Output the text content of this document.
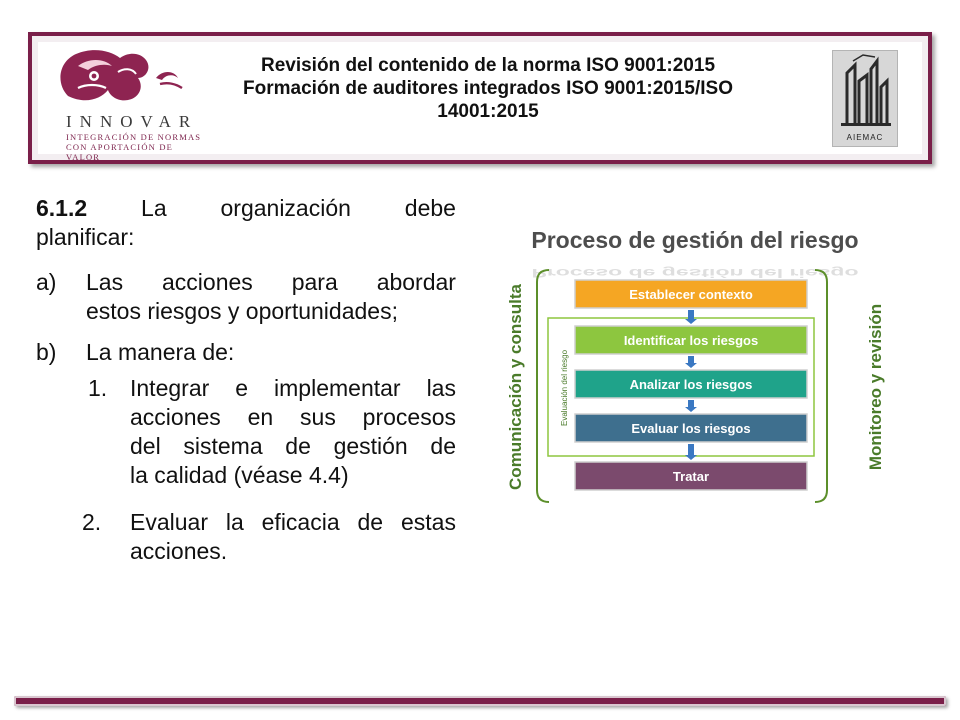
INNOVAR
INTEGRACIÓN DE NORMAS
CON APORTACIÓN DE VALOR
Revisión del contenido de la norma ISO 9001:2015
Formación de auditores integrados ISO 9001:2015/ISO
14001:2015
AIEMAC
6.1.2 La organización debe
planificar:
a) Las acciones para abordar
estos riesgos y oportunidades;
b) La manera de:
1. Integrar e implementar las
acciones en sus procesos
del sistema de gestión de
la calidad (véase 4.4)
2. Evaluar la eficacia de estas
acciones.
Proceso de gestión del riesgo
Proceso de gestión del riesgo
Comunicación y consulta	Monitoreo y revisión
Evaluación del riesgo
Establecer contexto
Identificar los riesgos
Analizar los riesgos
Evaluar los riesgos
Tratar
